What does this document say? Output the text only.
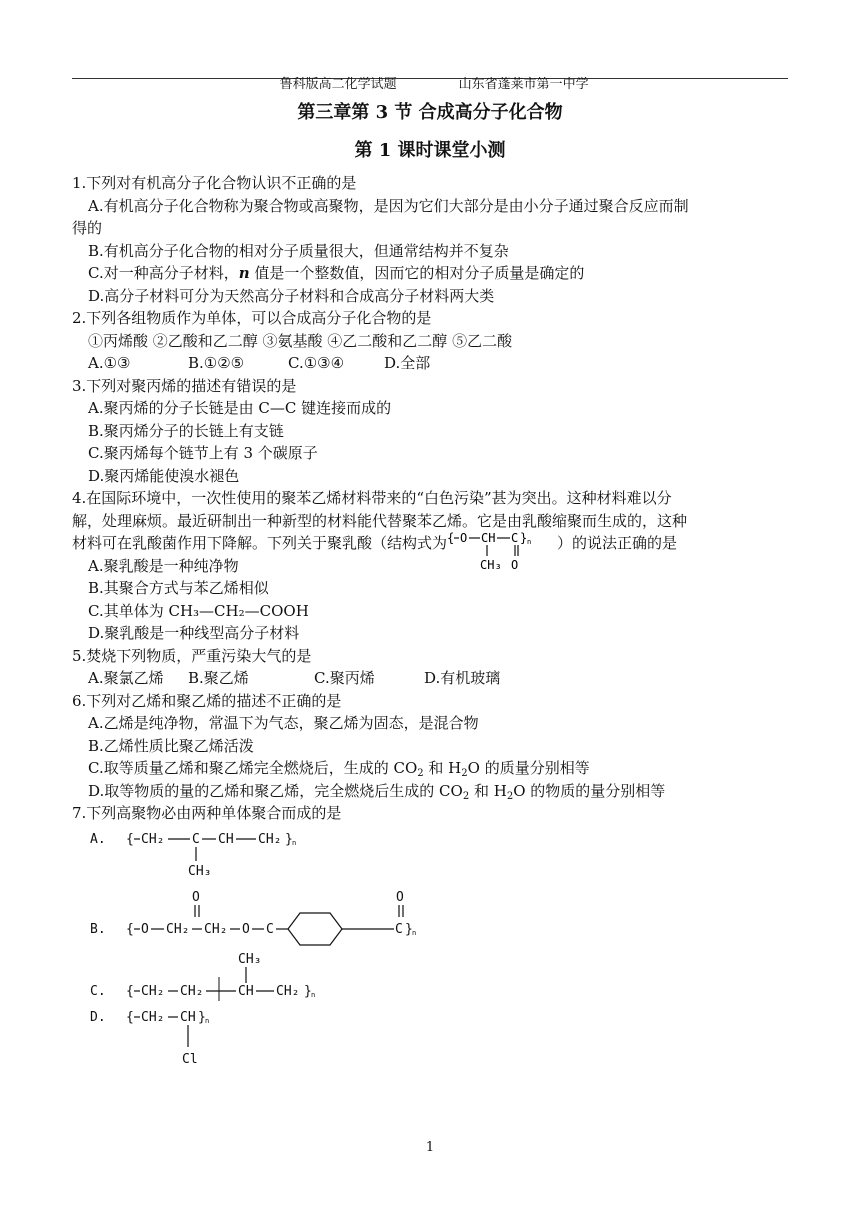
鲁科版高二化学试题	山东省蓬莱市第一中学

第三章第 3 节 合成高分子化合物
第 1 课时课堂小测

1.下列对有机高分子化合物认识不正确的是

A.有机高分子化合物称为聚合物或高聚物，是因为它们大部分是由小分子通过聚合反应而制

得的

B.有机高分子化合物的相对分子质量很大，但通常结构并不复杂

C.对一种高分子材料，n 值是一个整数值，因而它的相对分子质量是确定的

D.高分子材料可分为天然高分子材料和合成高分子材料两大类

2.下列各组物质作为单体，可以合成高分子化合物的是

①丙烯酸 ②乙酸和乙二醇 ③氨基酸 ④乙二酸和乙二醇 ⑤乙二酸

A.①③	B.①②⑤	C.①③④	D.全部

3.下列对聚丙烯的描述有错误的是

A.聚丙烯的分子长链是由 C—C 键连接而成的

B.聚丙烯分子的长链上有支链

C.聚丙烯每个链节上有 3 个碳原子

D.聚丙烯能使溴水褪色

4.在国际环境中，一次性使用的聚苯乙烯材料带来的“白色污染”甚为突出。这种材料难以分

解，处理麻烦。最近研制出一种新型的材料能代替聚苯乙烯。它是由乳酸缩聚而生成的，这种

材料可在乳酸菌作用下降解。下列关于聚乳酸（结构式为 { O CH C } n
CH₃ O
）的说法正确的是

A.聚乳酸是一种纯净物

B.其聚合方式与苯乙烯相似

C.其单体为 CH₃—CH₂—COOH

D.聚乳酸是一种线型高分子材料

5.焚烧下列物质，严重污染大气的是

A.聚氯乙烯 B.聚乙烯	C.聚丙烯	D.有机玻璃

6.下列对乙烯和聚乙烯的描述不正确的是

A.乙烯是纯净物，常温下为气态，聚乙烯为固态，是混合物

B.乙烯性质比聚乙烯活泼

C.取等质量乙烯和聚乙烯完全燃烧后，生成的 $CO_2$ 和 $H_2O$ 的质量分别相等

D.取等物质的量的乙烯和聚乙烯，完全燃烧后生成的 $CO_2$ 和 $H_2O$ 的物质的量分别相等

7.下列高聚物必由两种单体聚合而成的是

A. { CH₂ C CH CH₂ } n
CH₃
O	O
B. { O CH₂ CH₂ O C	C } n
CH₃
C. { CH₂ CH₂	CH CH₂ } n
D. { CH₂ CH } n
Cl
1
